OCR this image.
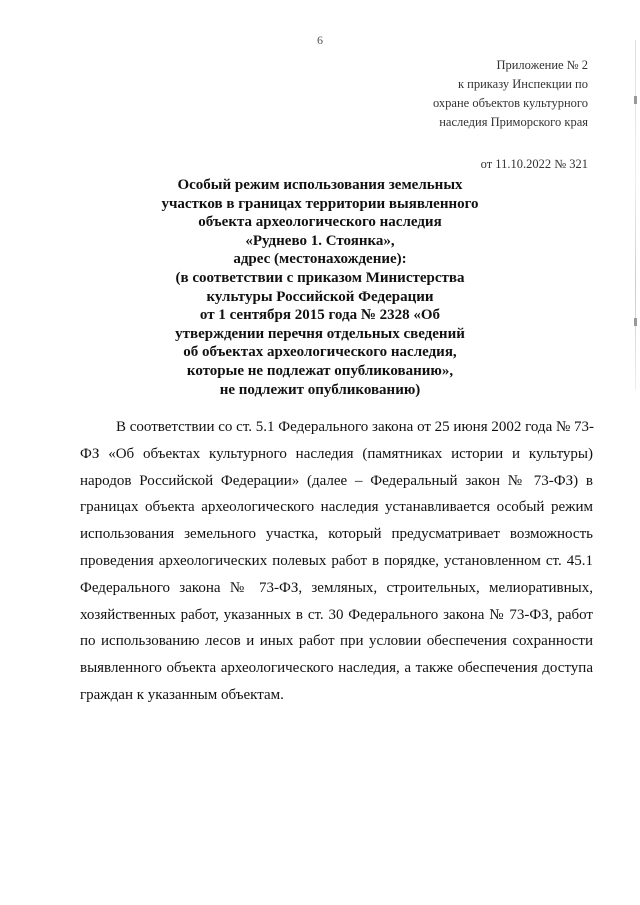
6
Приложение № 2
к приказу Инспекции по
охране объектов культурного
наследия Приморского края
от 11.10.2022 № 321
Особый режим использования земельных
участков в границах территории выявленного
объекта археологического наследия
«Руднево 1. Стоянка»,
адрес (местонахождение):
(в соответствии с приказом Министерства
культуры Российской Федерации
от 1 сентября 2015 года № 2328 «Об
утверждении перечня отдельных сведений
об объектах археологического наследия,
которые не подлежат опубликованию»,
не подлежит опубликованию)
В соответствии со ст. 5.1 Федерального закона от 25 июня 2002 года № 73-
ФЗ «Об объектах культурного наследия (памятниках истории и культуры)
народов Российской Федерации» (далее – Федеральный закон № 73-ФЗ) в
границах объекта археологического наследия устанавливается особый режим
использования земельного участка, который предусматривает возможность
проведения археологических полевых работ в порядке, установленном ст. 45.1
Федерального закона № 73-ФЗ, земляных, строительных, мелиоративных,
хозяйственных работ, указанных в ст. 30 Федерального закона № 73-ФЗ, работ
по использованию лесов и иных работ при условии обеспечения сохранности
выявленного объекта археологического наследия, а также обеспечения доступа
граждан к указанным объектам.
